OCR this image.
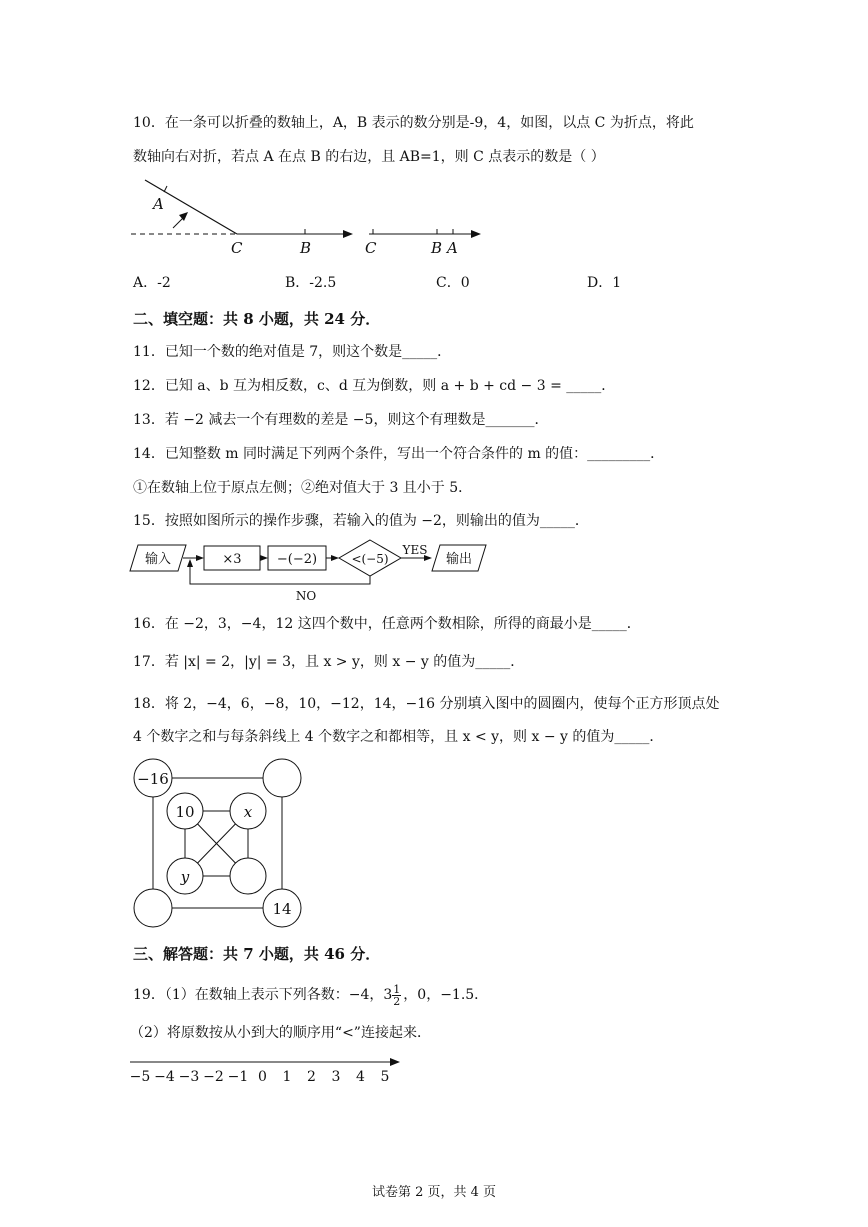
10．在一条可以折叠的数轴上，A，B 表示的数分别是-9，4，如图，以点 C 为折点，将此
数轴向右对折，若点 A 在点 B 的右边，且 AB=1，则 C 点表示的数是（ ）
A
C	B	C	B A
A．-2	B．-2.5	C．0	D．1
二、填空题：共 8 小题，共 24 分．
11．已知一个数的绝对值是 7，则这个数是_____．
12．已知 a、b 互为相反数，c、d 互为倒数，则 a + b + cd − 3 = _____．
13．若 −2 减去一个有理数的差是 −5，则这个有理数是_______．
14．已知整数 m 同时满足下列两个条件，写出一个符合条件的 m 的值：_________．
①在数轴上位于原点左侧；②绝对值大于 3 且小于 5．
15．按照如图所示的操作步骤，若输入的值为 −2，则输出的值为_____．
输入	×3	−(−2)	<(−5)
YES
输出
NO
16．在 −2，3，−4，12 这四个数中，任意两个数相除，所得的商最小是_____．
17．若 |x| = 2，|y| = 3，且 x > y，则 x − y 的值为_____．
18．将 2，−4，6，−8，10，−12，14，−16 分别填入图中的圆圈内，使每个正方形顶点处
4 个数字之和与每条斜线上 4 个数字之和都相等，且 x < y，则 x − y 的值为_____．
−16
14
10	x
y
三、解答题：共 7 小题，共 46 分．
19．（1）在数轴上表示下列各数：−4，$3 \frac{1}{2}$ ，0，−1.5．
（2）将原数按从小到大的顺序用“<”连接起来．
−5 −4 −3 −2 −1 0 1 2 3 4 5
试卷第 2 页，共 4 页
